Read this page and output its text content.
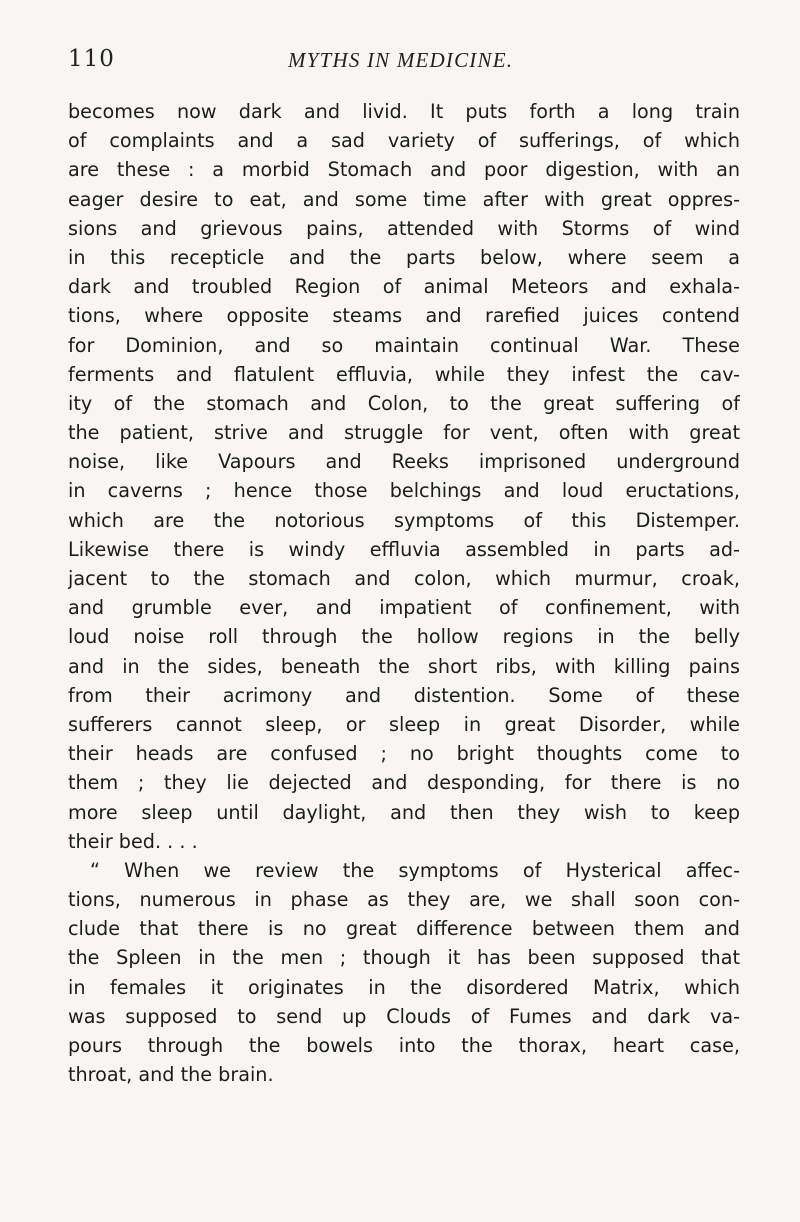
110	MYTHS IN MEDICINE.
becomes now dark and livid. It puts forth a long train
of complaints and a sad variety of sufferings, of which
are these : a morbid Stomach and poor digestion, with an
eager desire to eat, and some time after with great oppres-
sions and grievous pains, attended with Storms of wind
in this recepticle and the parts below, where seem a
dark and troubled Region of animal Meteors and exhala-
tions, where opposite steams and rarefied juices contend
for Dominion, and so maintain continual War. These
ferments and flatulent effluvia, while they infest the cav-
ity of the stomach and Colon, to the great suffering of
the patient, strive and struggle for vent, often with great
noise, like Vapours and Reeks imprisoned underground
in caverns ; hence those belchings and loud eructations,
which are the notorious symptoms of this Distemper.
Likewise there is windy effluvia assembled in parts ad-
jacent to the stomach and colon, which murmur, croak,
and grumble ever, and impatient of confinement, with
loud noise roll through the hollow regions in the belly
and in the sides, beneath the short ribs, with killing pains
from their acrimony and distention. Some of these
sufferers cannot sleep, or sleep in great Disorder, while
their heads are confused ; no bright thoughts come to
them ; they lie dejected and desponding, for there is no
more sleep until daylight, and then they wish to keep
their bed. . . .
“ When we review the symptoms of Hysterical affec-
tions, numerous in phase as they are, we shall soon con-
clude that there is no great difference between them and
the Spleen in the men ; though it has been supposed that
in females it originates in the disordered Matrix, which
was supposed to send up Clouds of Fumes and dark va-
pours through the bowels into the thorax, heart case,
throat, and the brain.
